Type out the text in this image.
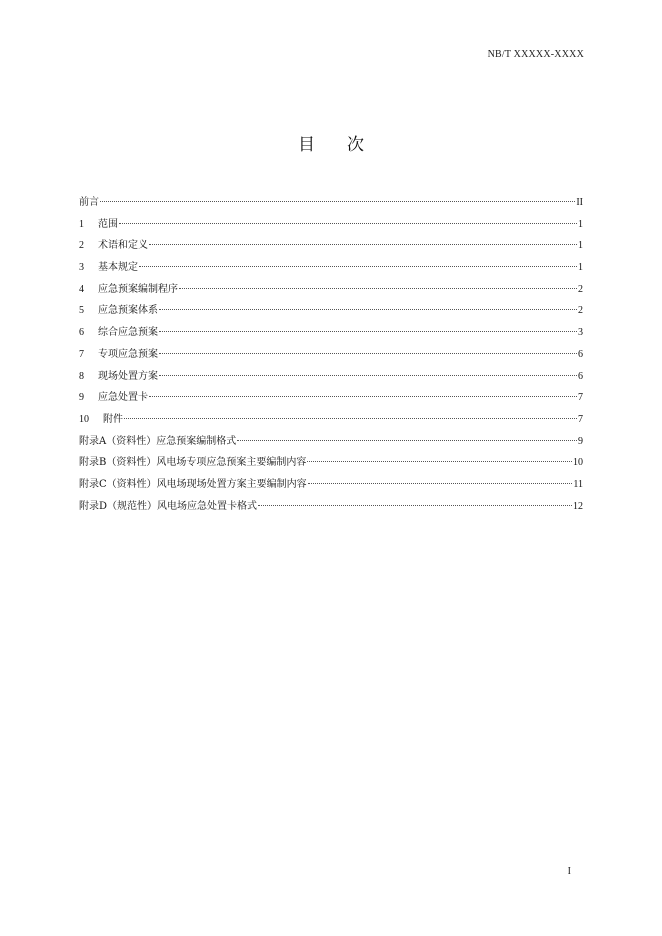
NB/T XXXXX-XXXX
目次
前言	II
1	范围	1
2	术语和定义	1
3	基本规定	1
4	应急预案编制程序	2
5	应急预案体系	2
6	综合应急预案	3
7	专项应急预案	6
8	现场处置方案	6
9	应急处置卡	7
10	附件	7
附录A（资料性）应急预案编制格式	9
附录B（资料性）风电场专项应急预案主要编制内容	10
附录C（资料性）风电场现场处置方案主要编制内容	11
附录D（规范性）风电场应急处置卡格式	12
I
